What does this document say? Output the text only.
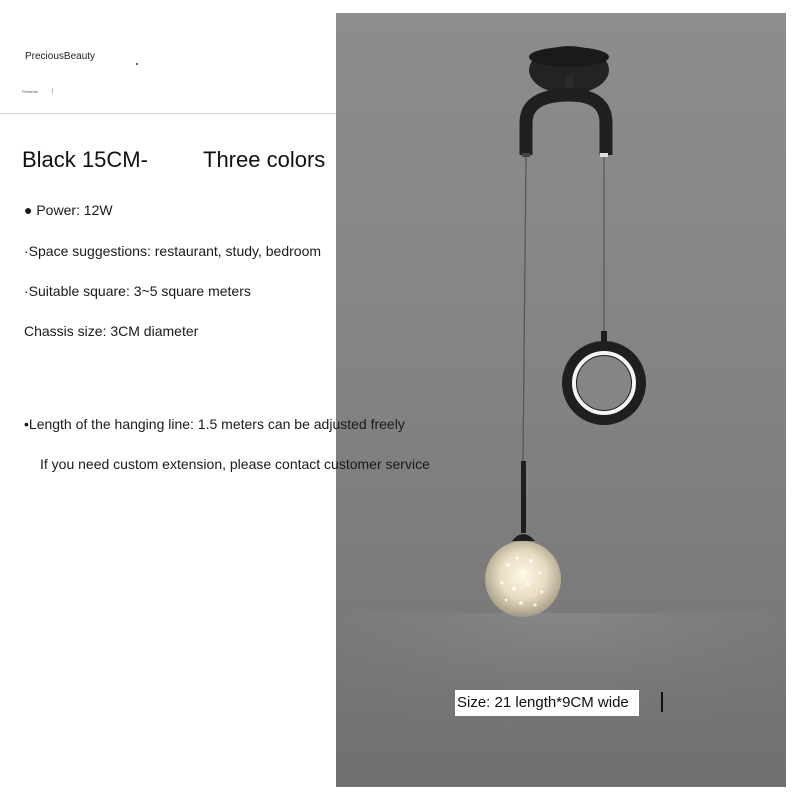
PreciousBeauty
Presents
Black 15CM-	Three colors
● Power: 12W
·Space suggestions: restaurant, study, bedroom
·Suitable square: 3~5 square meters
Chassis size: 3CM diameter
•Length of the hanging line: 1.5 meters can be adjusted freely
If you need custom extension, please contact customer service
Size: 21 length*9CM wide
